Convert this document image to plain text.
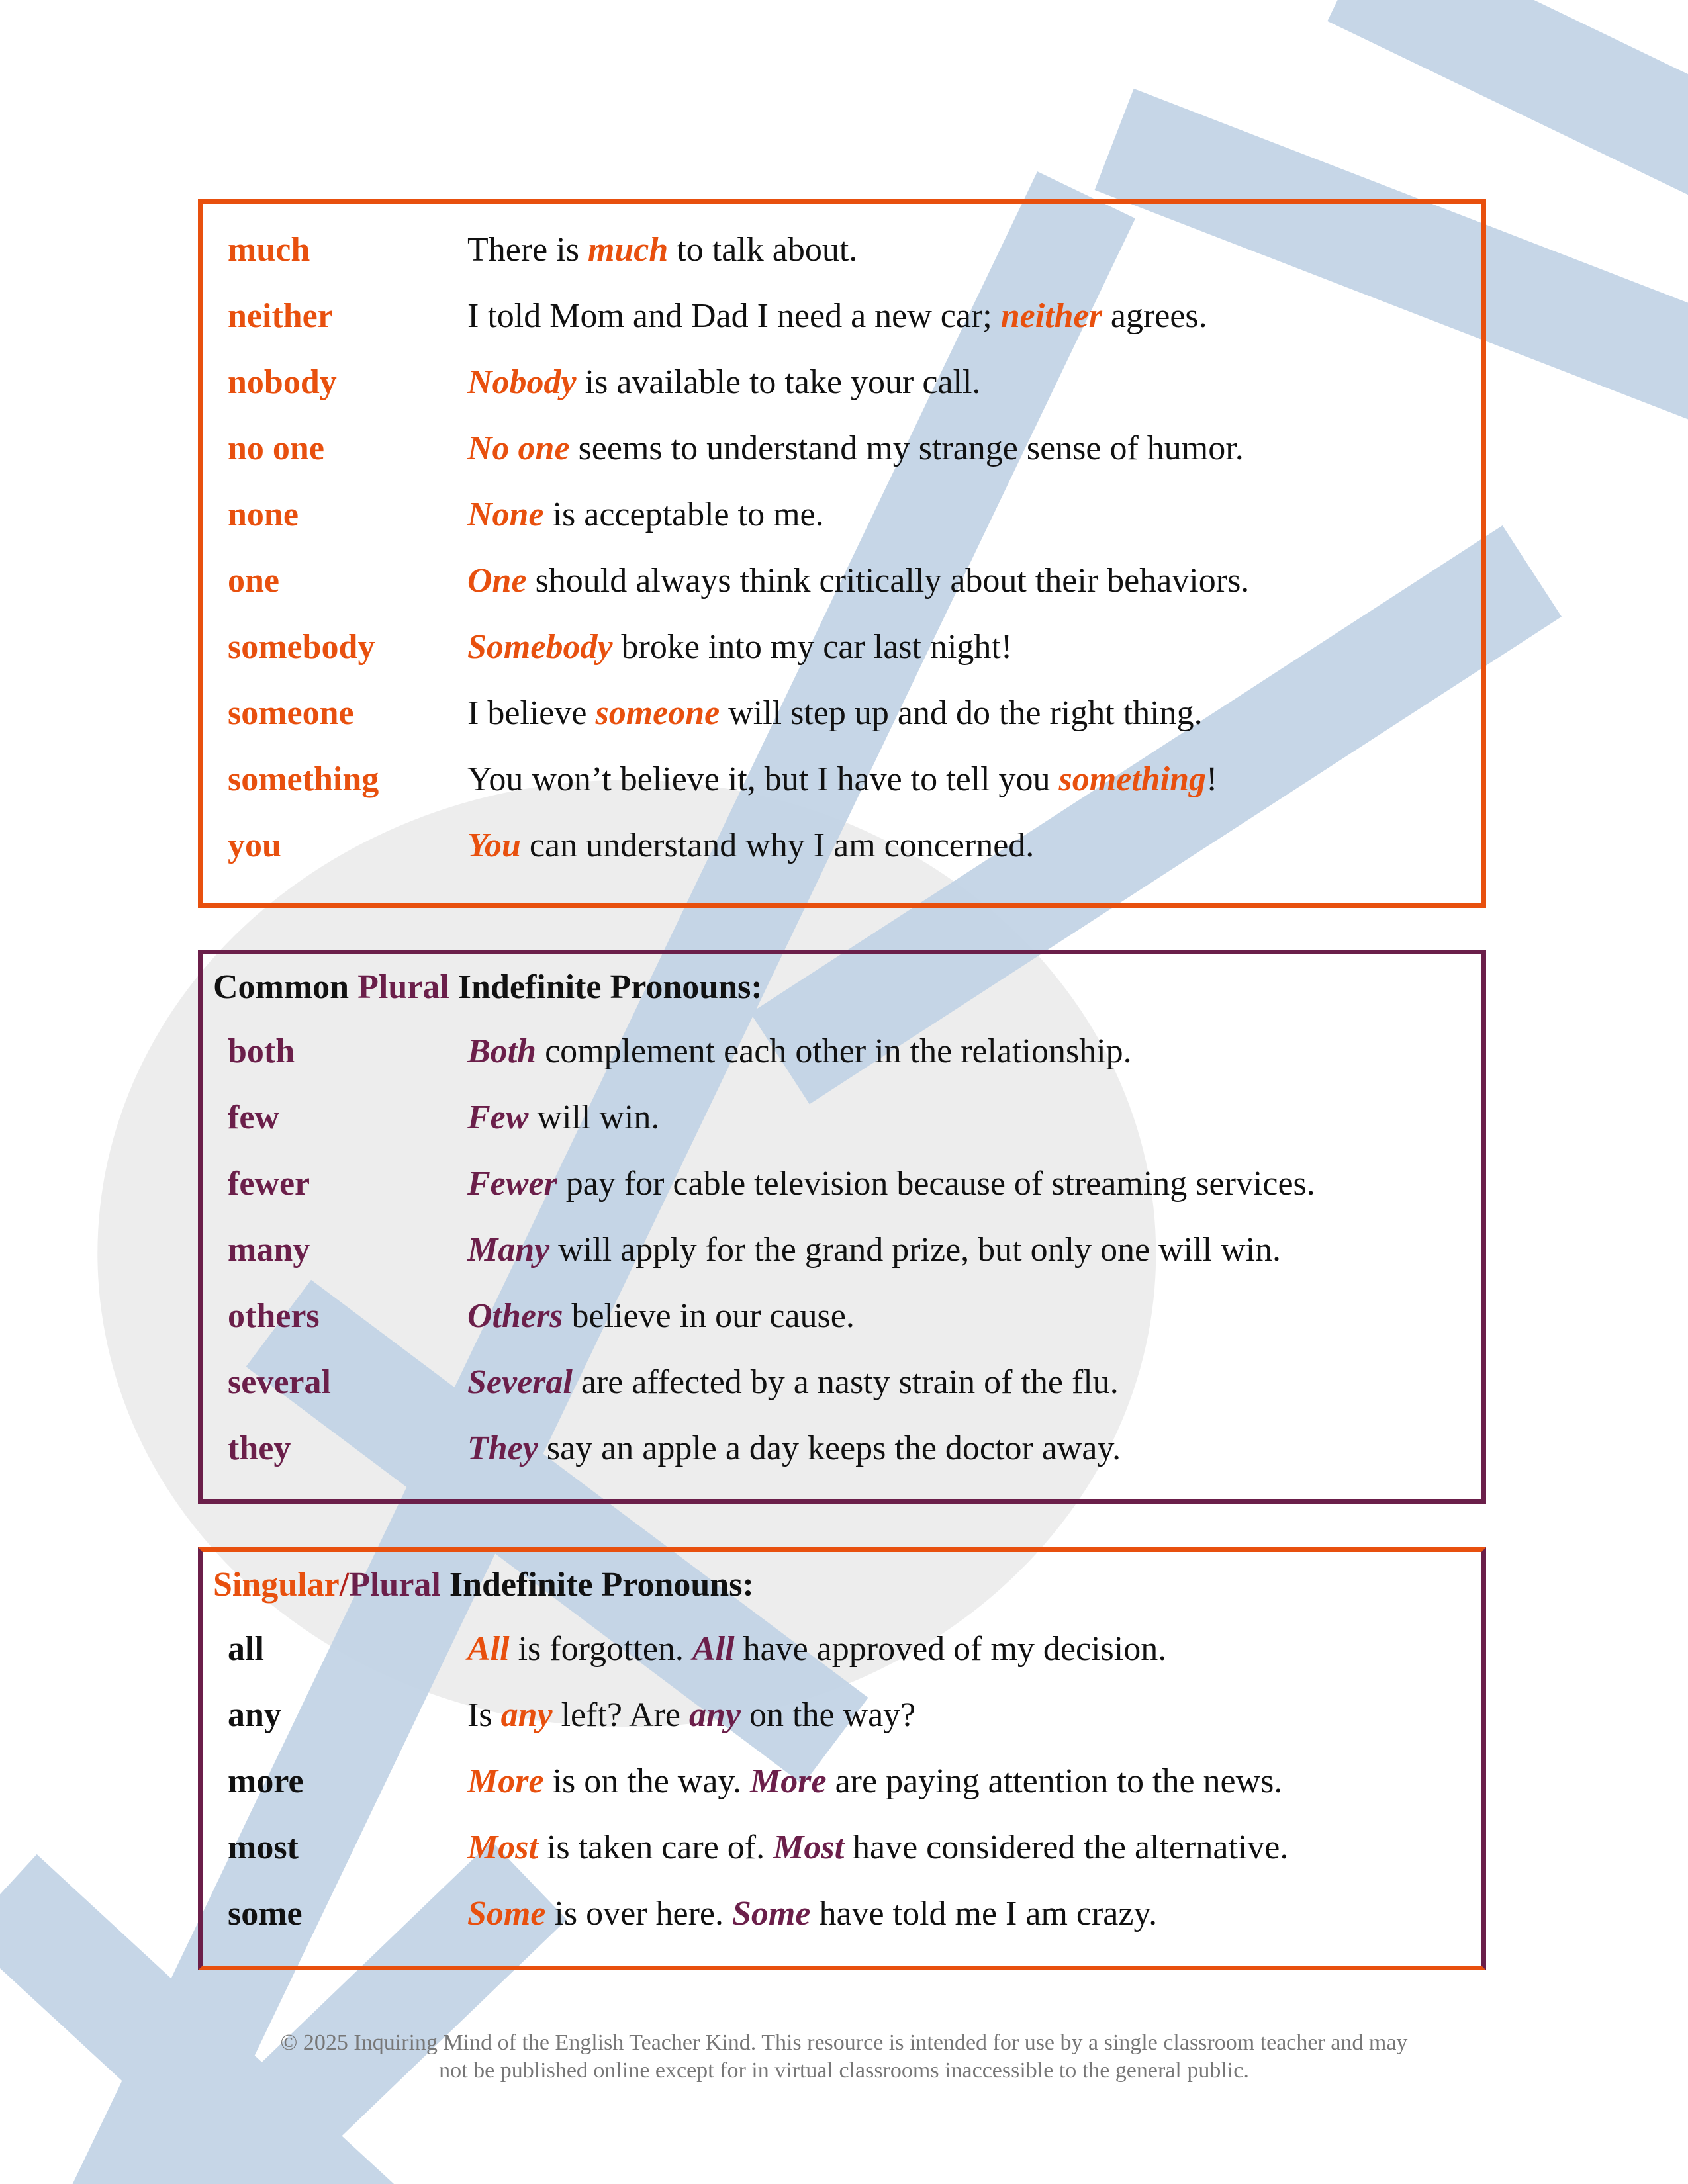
much	There is much to talk about.
neither	I told Mom and Dad I need a new car; neither agrees.
nobody	Nobody is available to take your call.
no one	No one seems to understand my strange sense of humor.
none	None is acceptable to me.
one	One should always think critically about their behaviors.
somebody	Somebody broke into my car last night!
someone	I believe someone will step up and do the right thing.
something	You won’t believe it, but I have to tell you something!
you	You can understand why I am concerned.
Common Plural Indefinite Pronouns:
both	Both complement each other in the relationship.
few	Few will win.
fewer	Fewer pay for cable television because of streaming services.
many	Many will apply for the grand prize, but only one will win.
others	Others believe in our cause.
several	Several are affected by a nasty strain of the flu.
they	They say an apple a day keeps the doctor away.
Singular/Plural Indefinite Pronouns:
all	All is forgotten. All have approved of my decision.
any	Is any left? Are any on the way?
more	More is on the way. More are paying attention to the news.
most	Most is taken care of. Most have considered the alternative.
some	Some is over here. Some have told me I am crazy.
© 2025 Inquiring Mind of the English Teacher Kind. This resource is intended for use by a single classroom teacher and may
not be published online except for in virtual classrooms inaccessible to the general public.
